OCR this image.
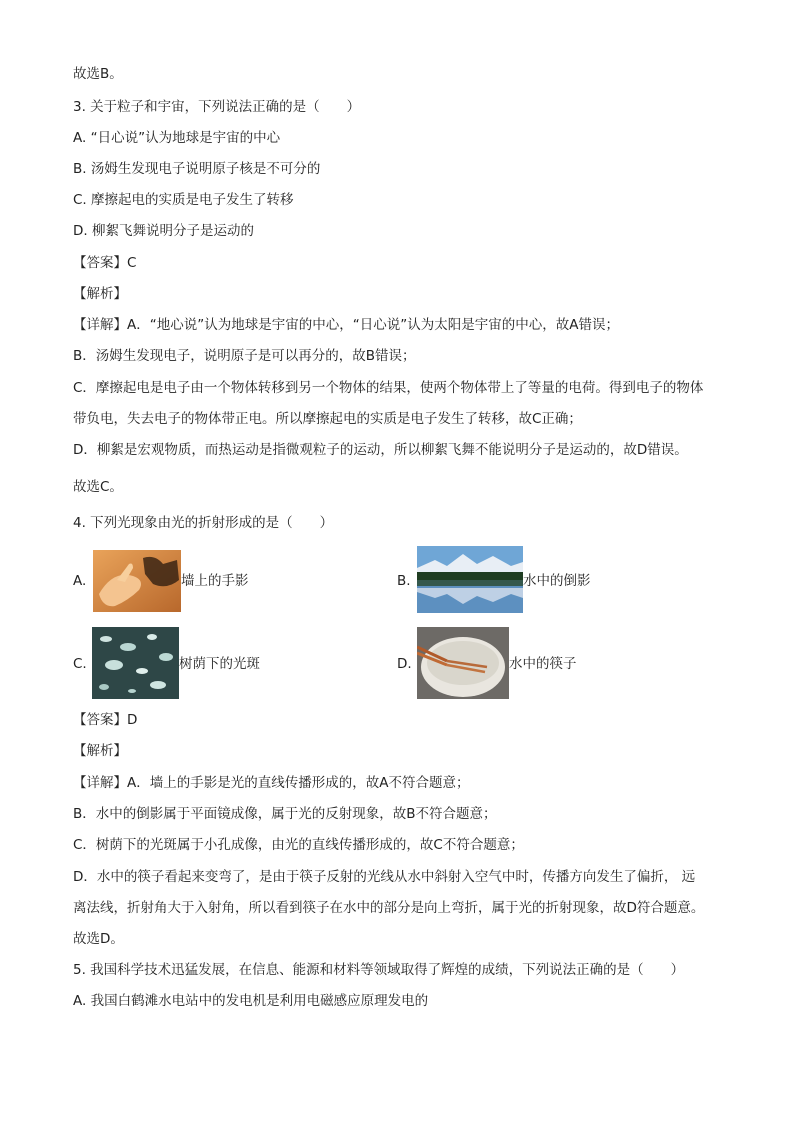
故选B。
3. 关于粒子和宇宙，下列说法正确的是（　　）
A. “日心说”认为地球是宇宙的中心
B. 汤姆生发现电子说明原子核是不可分的
C. 摩擦起电的实质是电子发生了转移
D. 柳絮飞舞说明分子是运动的
【答案】C
【解析】
【详解】A．“地心说”认为地球是宇宙的中心，“日心说”认为太阳是宇宙的中心，故A错误；
B．汤姆生发现电子，说明原子是可以再分的，故B错误；
C．摩擦起电是电子由一个物体转移到另一个物体的结果，使两个物体带上了等量的电荷。得到电子的物体
带负电，失去电子的物体带正电。所以摩擦起电的实质是电子发生了转移，故C正确；
D．柳絮是宏观物质，而热运动是指微观粒子的运动，所以柳絮飞舞不能说明分子是运动的，故D错误。
故选C。
4. 下列光现象由光的折射形成的是（　　）
A.	墙上的手影	B.	水中的倒影
C.	树荫下的光斑	D.	水中的筷子
【答案】D
【解析】
【详解】A．墙上的手影是光的直线传播形成的，故A不符合题意；
B．水中的倒影属于平面镜成像，属于光的反射现象，故B不符合题意；
C．树荫下的光斑属于小孔成像，由光的直线传播形成的，故C不符合题意；
D．水中的筷子看起来变弯了，是由于筷子反射的光线从水中斜射入空气中时，传播方向发生了偏折， 远
离法线，折射角大于入射角，所以看到筷子在水中的部分是向上弯折，属于光的折射现象，故D符合题意。
故选D。
5. 我国科学技术迅猛发展，在信息、能源和材料等领域取得了辉煌的成绩，下列说法正确的是（　　）
A. 我国白鹤滩水电站中的发电机是利用电磁感应原理发电的
